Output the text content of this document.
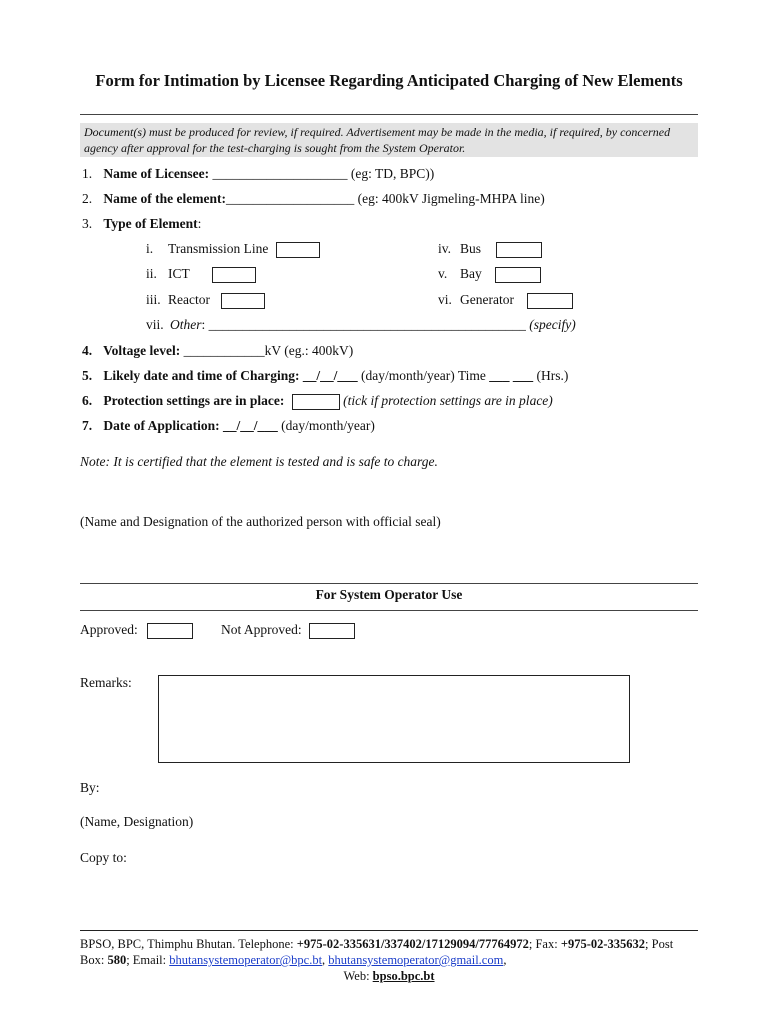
Form for Intimation by Licensee Regarding Anticipated Charging of New Elements
Document(s) must be produced for review, if required. Advertisement may be made in the media, if required, by concerned agency after approval for the test-charging is sought from the System Operator.
1. Name of Licensee: ____________________ (eg: TD, BPC))
2. Name of the element:___________________ (eg: 400kV Jigmeling-MHPA line)
3. Type of Element:
i. Transmission Line
ii. ICT
iii. Reactor
iv. Bus
v. Bay
vi. Generator
vii. Other: _______________________________________________ (specify)
4. Voltage level: ____________kV (eg.: 400kV)
5. Likely date and time of Charging: __/__/___ (day/month/year) Time ___ ___ (Hrs.)
6. Protection settings are in place:	(tick if protection settings are in place)
7. Date of Application: __/__/___ (day/month/year)
Note: It is certified that the element is tested and is safe to charge.
(Name and Designation of the authorized person with official seal)
For System Operator Use
Approved:	Not Approved:
Remarks:
By:
(Name, Designation)
Copy to:
BPSO, BPC, Thimphu Bhutan. Telephone: +975-02-335631/337402/17129094/77764972; Fax: +975-02-335632; Post Box: 580; Email: bhutansystemoperator@bpc.bt, bhutansystemoperator@gmail.com,
Web: bpso.bpc.bt
